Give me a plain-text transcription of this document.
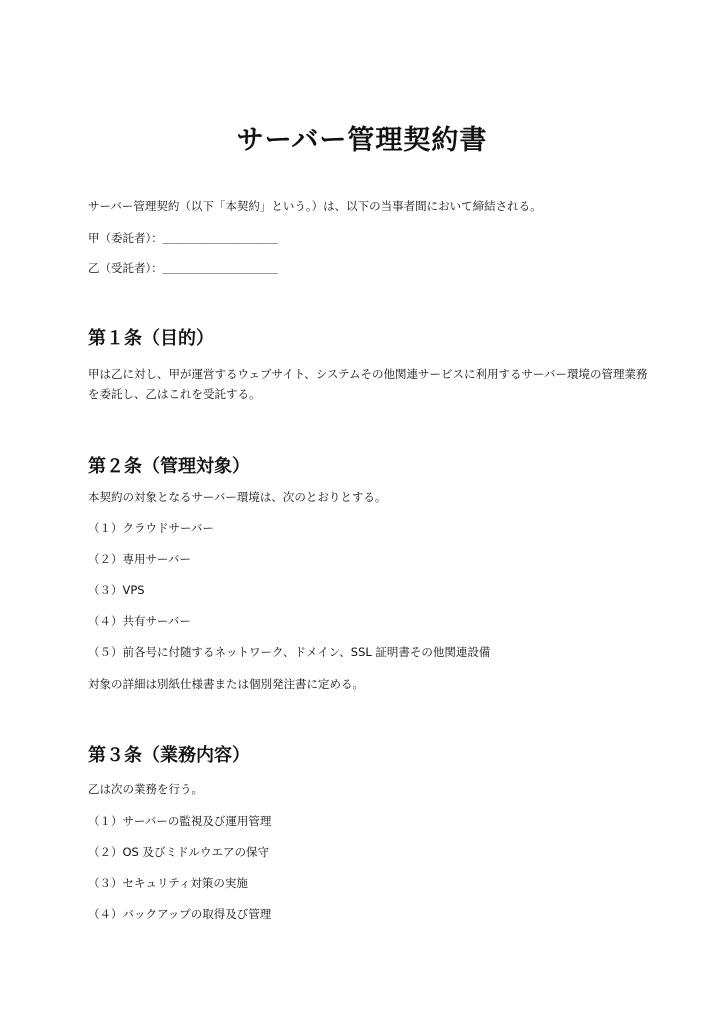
サーバー管理契約書

サーバー管理契約（以下「本契約」という。）は、以下の当事者間において締結される。

甲（委託者）：＿＿＿＿＿＿＿＿＿＿

乙（受託者）：＿＿＿＿＿＿＿＿＿＿

第１条（目的）

甲は乙に対し、甲が運営するウェブサイト、システムその他関連サービスに利用するサーバー環境の管理業務を委託し、乙はこれを受託する。

第２条（管理対象）

本契約の対象となるサーバー環境は、次のとおりとする。

（１）クラウドサーバー

（２）専用サーバー

（３）VPS

（４）共有サーバー

（５）前各号に付随するネットワーク、ドメイン、SSL 証明書その他関連設備

対象の詳細は別紙仕様書または個別発注書に定める。

第３条（業務内容）

乙は次の業務を行う。

（１）サーバーの監視及び運用管理

（２）OS 及びミドルウエアの保守

（３）セキュリティ対策の実施

（４）バックアップの取得及び管理
